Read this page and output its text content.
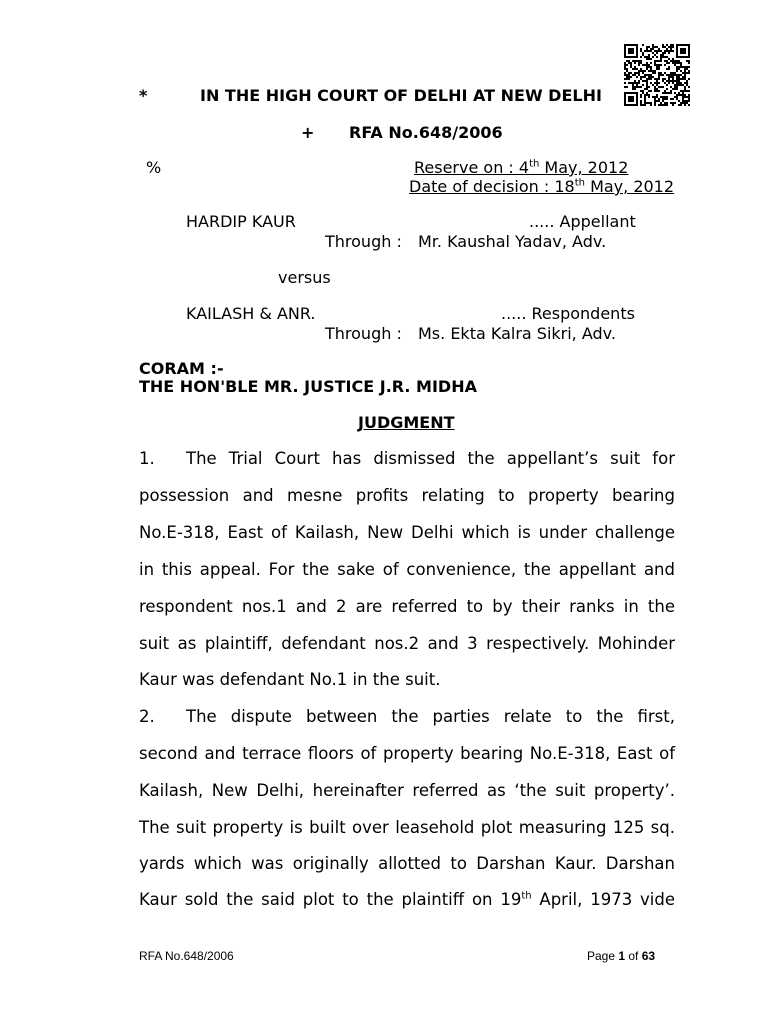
*	IN THE HIGH COURT OF DELHI AT NEW DELHI
+ RFA No.648/2006
%	Reserve on : 4th May, 2012
Date of decision : 18th May, 2012
HARDIP KAUR	..... Appellant
Through : Mr. Kaushal Yadav, Adv.
versus
KAILASH & ANR.	..... Respondents
Through : Ms. Ekta Kalra Sikri, Adv.
CORAM :-
THE HON'BLE MR. JUSTICE J.R. MIDHA
JUDGMENT
1. The Trial Court has dismissed the appellant’s suit for
possession and mesne profits relating to property bearing
No.E-318, East of Kailash, New Delhi which is under challenge
in this appeal. For the sake of convenience, the appellant and
respondent nos.1 and 2 are referred to by their ranks in the
suit as plaintiff, defendant nos.2 and 3 respectively. Mohinder
Kaur was defendant No.1 in the suit.
2. The dispute between the parties relate to the first,
second and terrace floors of property bearing No.E-318, East of
Kailash, New Delhi, hereinafter referred as ‘the suit property’.
The suit property is built over leasehold plot measuring 125 sq.
yards which was originally allotted to Darshan Kaur. Darshan
Kaur sold the said plot to the plaintiff on 19th April, 1973 vide
RFA No.648/2006	Page 1 of 63
